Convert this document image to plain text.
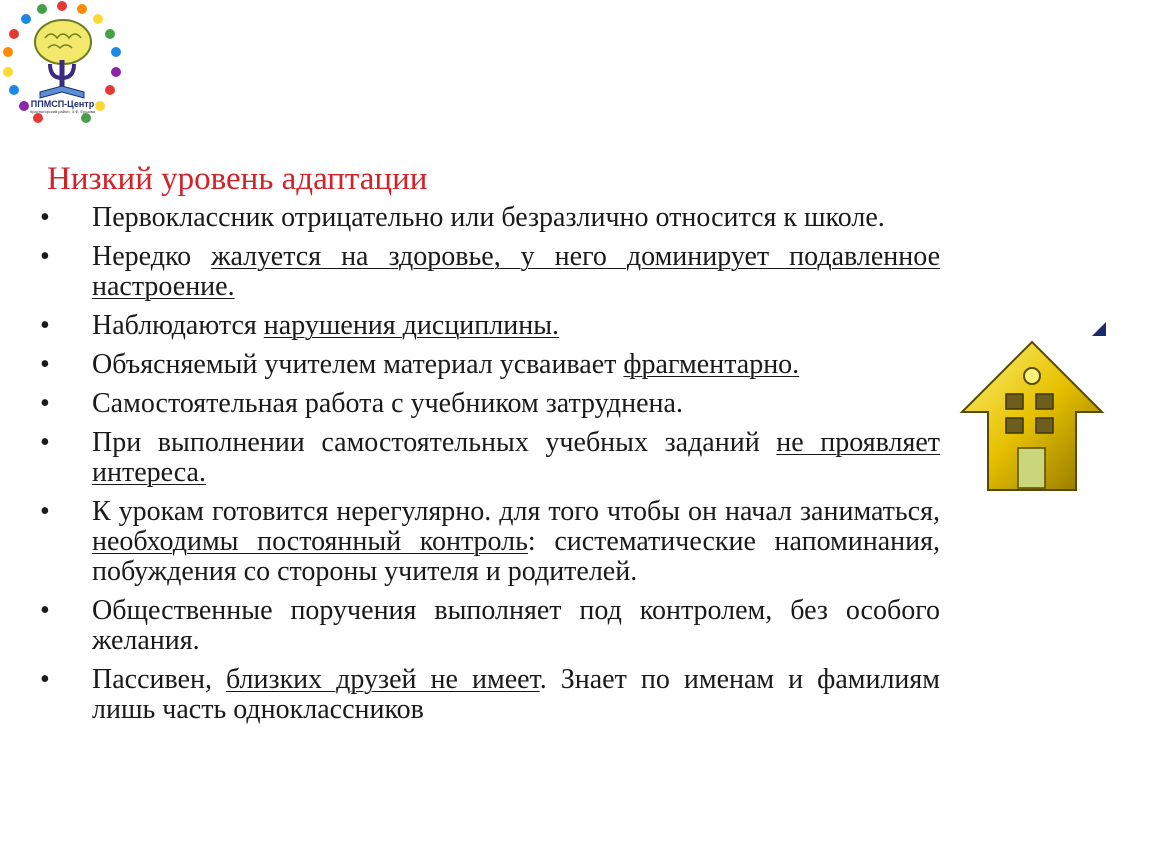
ППМСП-Центр
Красногорский район, З.Ф. Ершова
Низкий уровень адаптации
•	Первоклассник отрицательно или безразлично относится к школе.
•	Нередко жалуется на здоровье, у него доминирует подавленное настроение.
•	Наблюдаются нарушения дисциплины.
•	Объясняемый учителем материал усваивает фрагментарно.
•	Самостоятельная работа с учебником затруднена.
•	При выполнении самостоятельных учебных заданий не проявляет интереса.
•	К урокам готовится нерегулярно. для того чтобы он начал заниматься, необходимы постоянный контроль: систематические напоминания, побуждения со стороны учителя и родителей.
•	Общественные поручения выполняет под контролем, без особого желания.
•	Пассивен, близких друзей не имеет. Знает по именам и фамилиям лишь часть одноклассников
